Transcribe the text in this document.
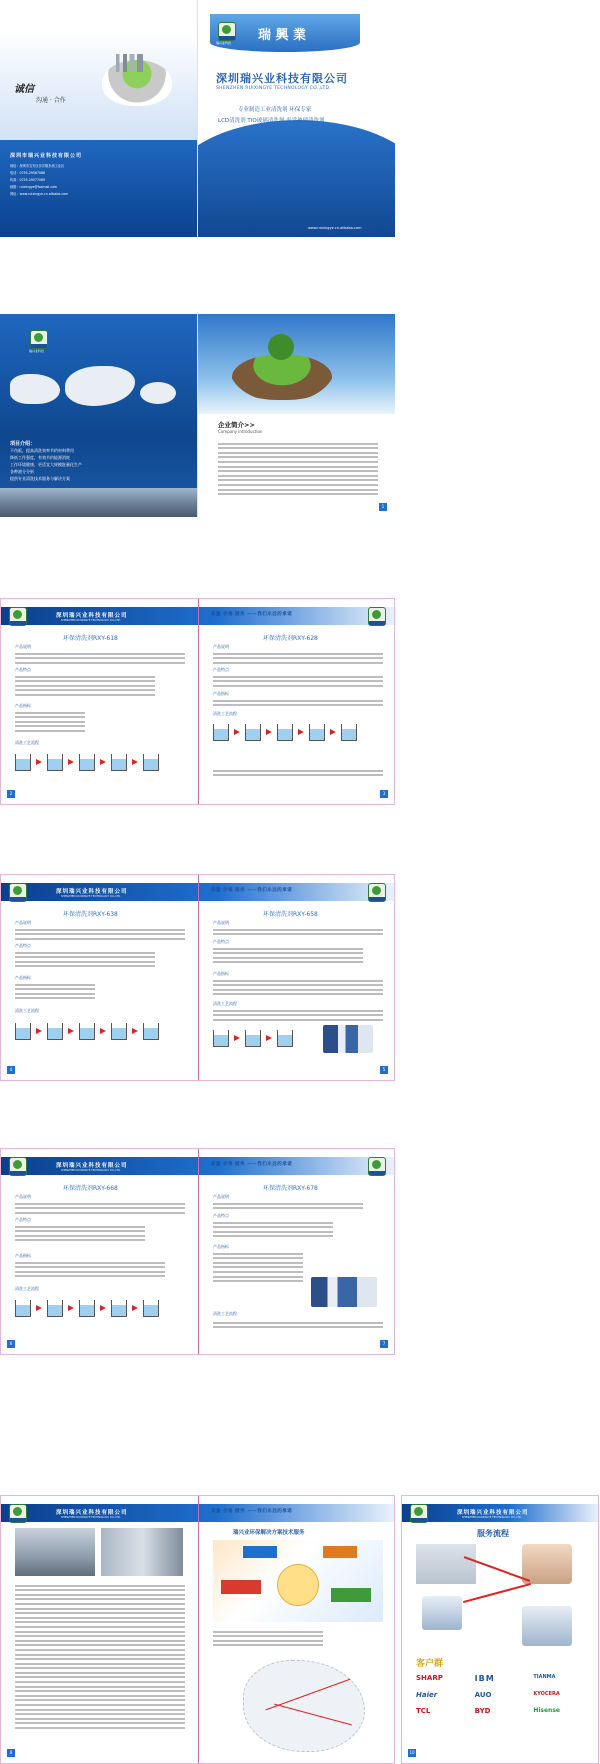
诚信
沟通 · 合作
深圳市瑞兴业科技有限公司
地址：深圳市宝安区沙井镇步涌工业区
电话：0755-29567088
传真：0755-29577069
邮箱：ruixingye@foxmail.com
网址：www.ruixingye.cn.alibaba.com
瑞兴业科技 瑞 興 業
深圳瑞兴业科技有限公司
SHENZHEN RUIXINGYE TECHNOLOGY CO.,LTD.
专业制造工业清洗剂 环保专家
LCD清洗剂 TIO玻璃清洗剂 光学玻璃清洗剂
www.ruixingye.cn.alibaba.com
瑞兴业科技
项目介绍：
不伤板，提高清洗效率节约材料费用
降低工作强度，有效节约能源消耗
工作环境健康，更适宜大规模批量化生产
各种液分分析
提供专业清洗技术服务与解决方案
企业简介>>
Company introduction
1
深圳瑞兴业科技有限公司
SHENZHEN RUIXINGYE TECHNOLOGY CO.,LTD.
质量 价格 服务 ——我们永远的承诺
环保清洗剂RXY-618	环保清洗剂RXY-628
产品说明
产品特点
产品指标
清洗工艺流程
2
产品说明
产品特点
产品指标
清洗工艺流程
3
深圳瑞兴业科技有限公司
SHENZHEN RUIXINGYE TECHNOLOGY CO.,LTD.
质量 价格 服务 ——我们永远的承诺
环保清洗剂RXY-638	环保清洗剂RXY-658
产品说明
产品特点
产品指标
清洗工艺流程
4
产品说明
产品特点
产品指标
清洗工艺流程
5
深圳瑞兴业科技有限公司
SHENZHEN RUIXINGYE TECHNOLOGY CO.,LTD.
质量 价格 服务 ——我们永远的承诺
环保清洗剂RXY-668	环保清洗剂RXY-678
产品说明
产品特点
产品指标
清洗工艺流程
6
产品说明
产品特点
产品指标
清洗工艺流程
7
深圳瑞兴业科技有限公司
SHENZHEN RUIXINGYE TECHNOLOGY CO.,LTD.
质量 价格 服务 ——我们永远的承诺
8
瑞兴业环保解决方案技术服务
深圳瑞兴业科技有限公司
SHENZHEN RUIXINGYE TECHNOLOGY CO.,LTD.
服务流程
客户群
SHARP	IBM	TIANMA
Haier	AUO	KYOCERA
TCL	BYD	Hisense
10
